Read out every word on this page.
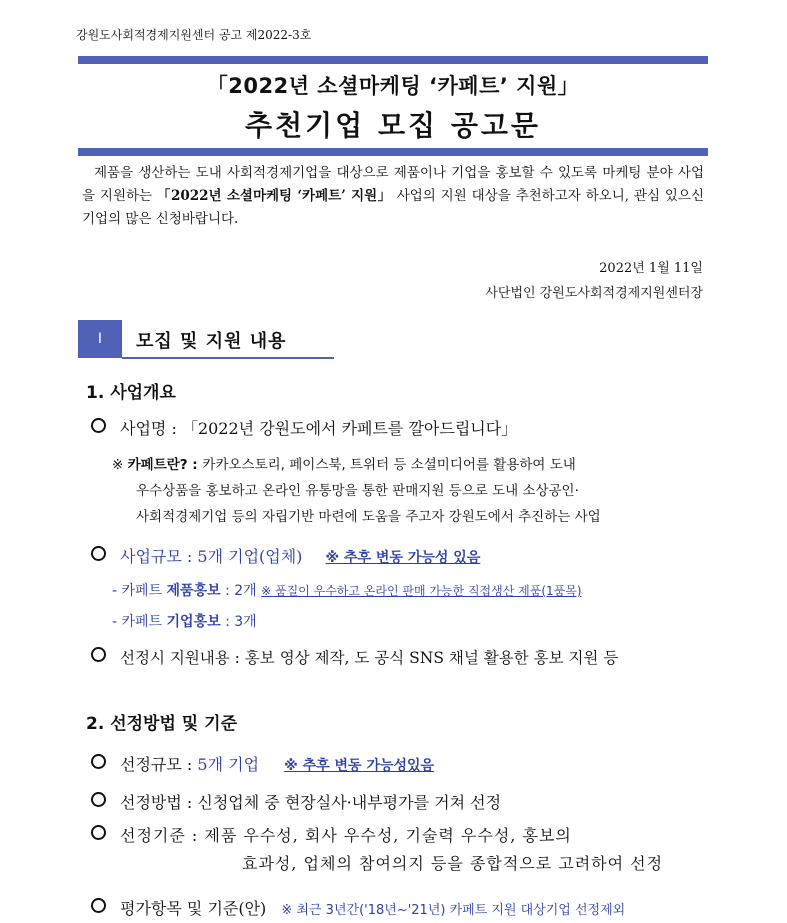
강원도사회적경제지원센터 공고 제2022-3호
「2022년 소셜마케팅 ‘카페트’ 지원」
추천기업 모집 공고문
제품을 생산하는 도내 사회적경제기업을 대상으로 제품이나 기업을 홍보할 수 있도록 마케팅 분야 사업을 지원하는 「2022년 소셜마케팅 ‘카페트’ 지원」 사업의 지원 대상을 추천하고자 하오니, 관심 있으신 기업의 많은 신청바랍니다.
2022년 1월 11일
사단법인 강원도사회적경제지원센터장
Ⅰ	모집 및 지원 내용
1. 사업개요
사업명 : 「2022년 강원도에서 카페트를 깔아드립니다」
※ 카페트란? : 카카오스토리, 페이스북, 트위터 등 소셜미디어를 활용하여 도내
우수상품을 홍보하고 온라인 유통망을 통한 판매지원 등으로 도내 소상공인·
사회적경제기업 등의 자립기반 마련에 도움을 주고자 강원도에서 추진하는 사업
사업규모 : 5개 기업(업체) ※ 추후 변동 가능성 있음
- 카페트 제품홍보 : 2개 ※ 품질이 우수하고 온라인 판매 가능한 직접생산 제품(1품목)
- 카페트 기업홍보 : 3개
선정시 지원내용 : 홍보 영상 제작, 도 공식 SNS 채널 활용한 홍보 지원 등
2. 선정방법 및 기준
선정규모 : 5개 기업 ※ 추후 변동 가능성있음
선정방법 : 신청업체 중 현장실사·내부평가를 거쳐 선정
선정기준 : 제품 우수성, 회사 우수성, 기술력 우수성, 홍보의
효과성, 업체의 참여의지 등을 종합적으로 고려하여 선정
평가항목 및 기준(안) ※ 최근 3년간('18년~'21년) 카페트 지원 대상기업 선정제외
